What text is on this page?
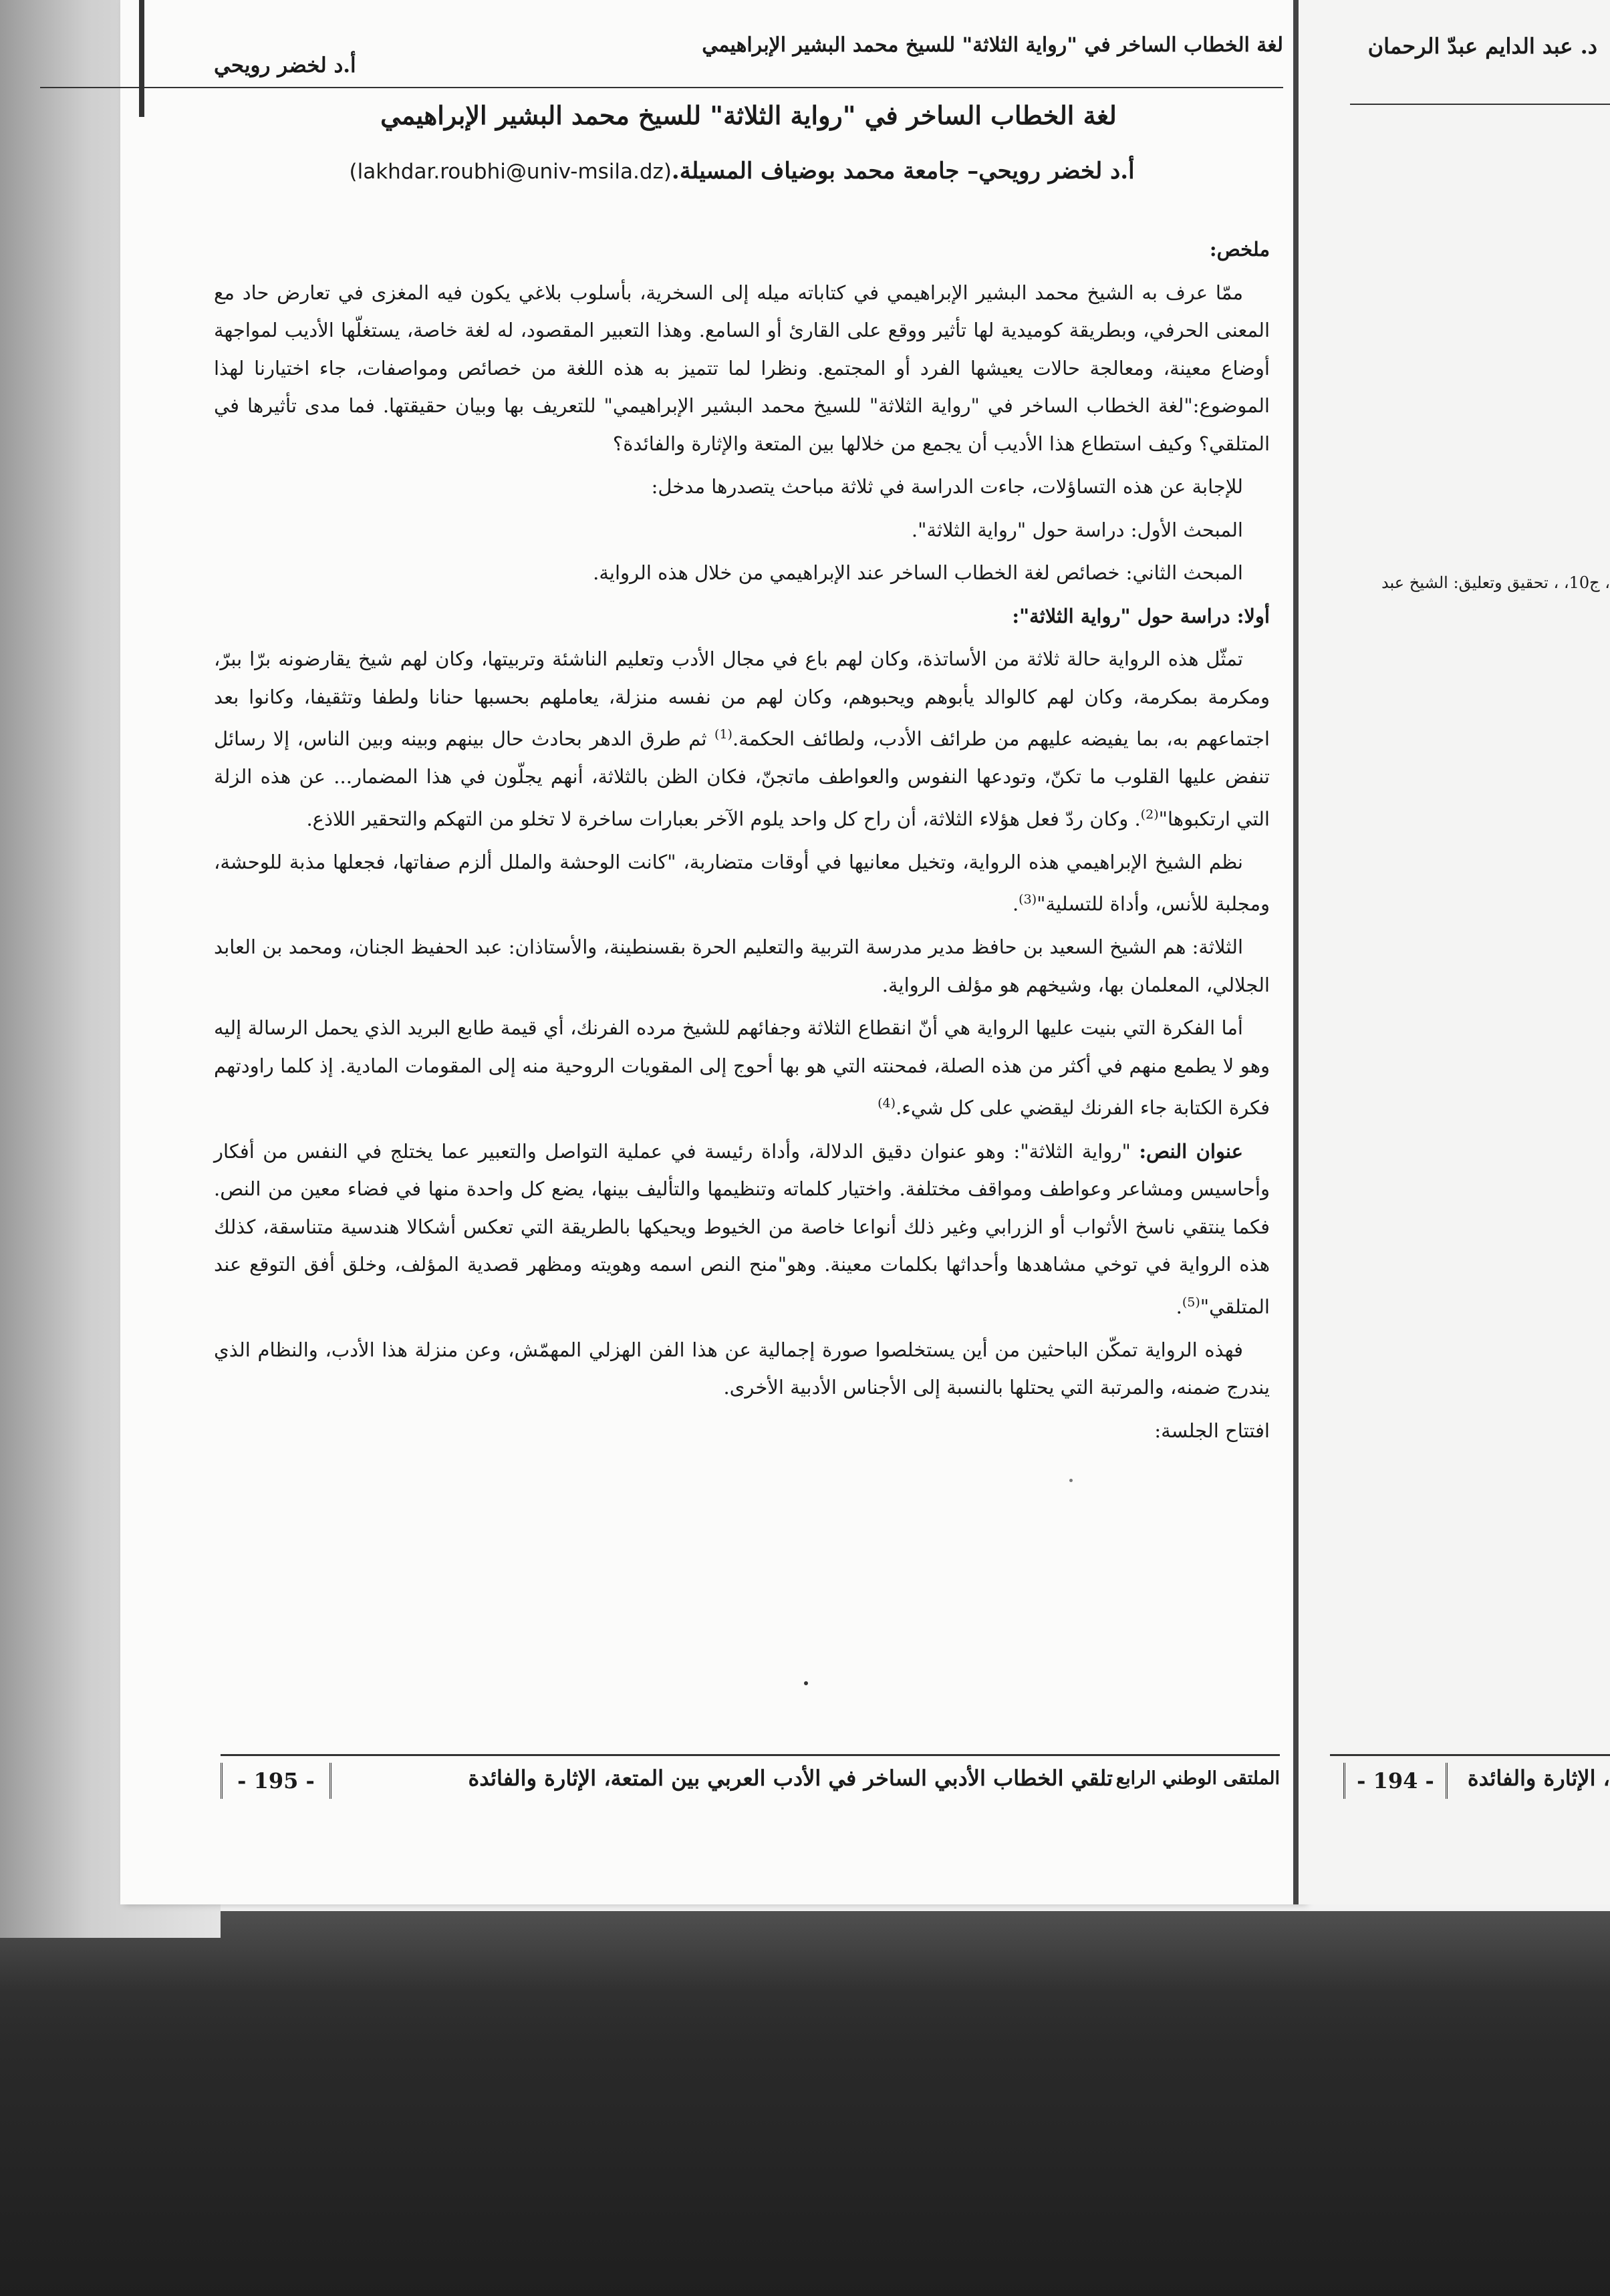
لغة الخطاب الساخر في "رواية الثلاثة" للسيخ محمد البشير الإبراهيمي
أ.د لخضر رويحي
د. عبد الدايم عبدّ الرحمان
، ج10، ، تحقيق وتعليق: الشيخ عبد
لغة الخطاب الساخر في "رواية الثلاثة" للسيخ محمد البشير الإبراهيمي
أ.د لخضر رويحي– جامعة محمد بوضياف المسيلة.(lakhdar.roubhi@univ-msila.dz)

ملخص:

ممّا عرف به الشيخ محمد البشير الإبراهيمي في كتاباته ميله إلى السخرية، بأسلوب بلاغي يكون فيه المغزى في تعارض حاد مع المعنى الحرفي، وبطريقة كوميدية لها تأثير ووقع على القارئ أو السامع. وهذا التعبير المقصود، له لغة خاصة، يستغلّها الأديب لمواجهة أوضاع معينة، ومعالجة حالات يعيشها الفرد أو المجتمع. ونظرا لما تتميز به هذه اللغة من خصائص ومواصفات، جاء اختيارنا لهذا الموضوع:"لغة الخطاب الساخر في "رواية الثلاثة" للسيخ محمد البشير الإبراهيمي" للتعريف بها وبيان حقيقتها. فما مدى تأثيرها في المتلقي؟ وكيف استطاع هذا الأديب أن يجمع من خلالها بين المتعة والإثارة والفائدة؟

للإجابة عن هذه التساؤلات، جاءت الدراسة في ثلاثة مباحث يتصدرها مدخل:

المبحث الأول: دراسة حول "رواية الثلاثة".

المبحث الثاني: خصائص لغة الخطاب الساخر عند الإبراهيمي من خلال هذه الرواية.

أولا: دراسة حول "رواية الثلاثة":

تمثّل هذه الرواية حالة ثلاثة من الأساتذة، وكان لهم باع في مجال الأدب وتعليم الناشئة وتربيتها، وكان لهم شيخ يقارضونه برّا ببرّ، ومكرمة بمكرمة، وكان لهم كالوالد يأبوهم ويحبوهم، وكان لهم من نفسه منزلة، يعاملهم بحسبها حنانا ولطفا وتثقيفا، وكانوا بعد اجتماعهم به، بما يفيضه عليهم من طرائف الأدب، ولطائف الحكمة.$^{(1)}$ ثم طرق الدهر بحادث حال بينهم وبينه وبين الناس، إلا رسائل تنفض عليها القلوب ما تكنّ، وتودعها النفوس والعواطف ماتجنّ، فكان الظن بالثلاثة، أنهم يجلّون في هذا المضمار... عن هذه الزلة التي ارتكبوها"$^{(2)}$. وكان ردّ فعل هؤلاء الثلاثة، أن راح كل واحد يلوم الآخر بعبارات ساخرة لا تخلو من التهكم والتحقير اللاذع.

نظم الشيخ الإبراهيمي هذه الرواية، وتخيل معانيها في أوقات متضاربة، "كانت الوحشة والملل ألزم صفاتها، فجعلها مذبة للوحشة، ومجلبة للأنس، وأداة للتسلية"$^{(3)}$.

الثلاثة: هم الشيخ السعيد بن حافظ مدير مدرسة التربية والتعليم الحرة بقسنطينة، والأستاذان: عبد الحفيظ الجنان، ومحمد بن العابد الجلالي، المعلمان بها، وشيخهم هو مؤلف الرواية.

أما الفكرة التي بنيت عليها الرواية هي أنّ انقطاع الثلاثة وجفائهم للشيخ مرده الفرنك، أي قيمة طابع البريد الذي يحمل الرسالة إليه وهو لا يطمع منهم في أكثر من هذه الصلة، فمحنته التي هو بها أحوج إلى المقويات الروحية منه إلى المقومات المادية. إذ كلما راودتهم فكرة الكتابة جاء الفرنك ليقضي على كل شيء.$^{(4)}$

عنوان النص: "رواية الثلاثة": وهو عنوان دقيق الدلالة، وأداة رئيسة في عملية التواصل والتعبير عما يختلج في النفس من أفكار وأحاسيس ومشاعر وعواطف ومواقف مختلفة. واختيار كلماته وتنظيمها والتأليف بينها، يضع كل واحدة منها في فضاء معين من النص. فكما ينتقي ناسخ الأثواب أو الزرابي وغير ذلك أنواعا خاصة من الخيوط ويحيكها بالطريقة التي تعكس أشكالا هندسية متناسقة، كذلك هذه الرواية في توخي مشاهدها وأحداثها بكلمات معينة. وهو"منح النص اسمه وهويته ومظهر قصدية المؤلف، وخلق أفق التوقع عند المتلقي"$^{(5)}$.

فهذه الرواية تمكّن الباحثين من أين يستخلصوا صورة إجمالية عن هذا الفن الهزلي المهمّش، وعن منزلة هذا الأدب، والنظام الذي يندرج ضمنه، والمرتبة التي يحتلها بالنسبة إلى الأجناس الأدبية الأخرى.

افتتاح الجلسة:

الملتقى الوطني الرابع
تلقي الخطاب الأدبي الساخر في الأدب العربي بين المتعة، الإثارة والفائدة
- 195 -	- 194 -	، الإثارة والفائدة
